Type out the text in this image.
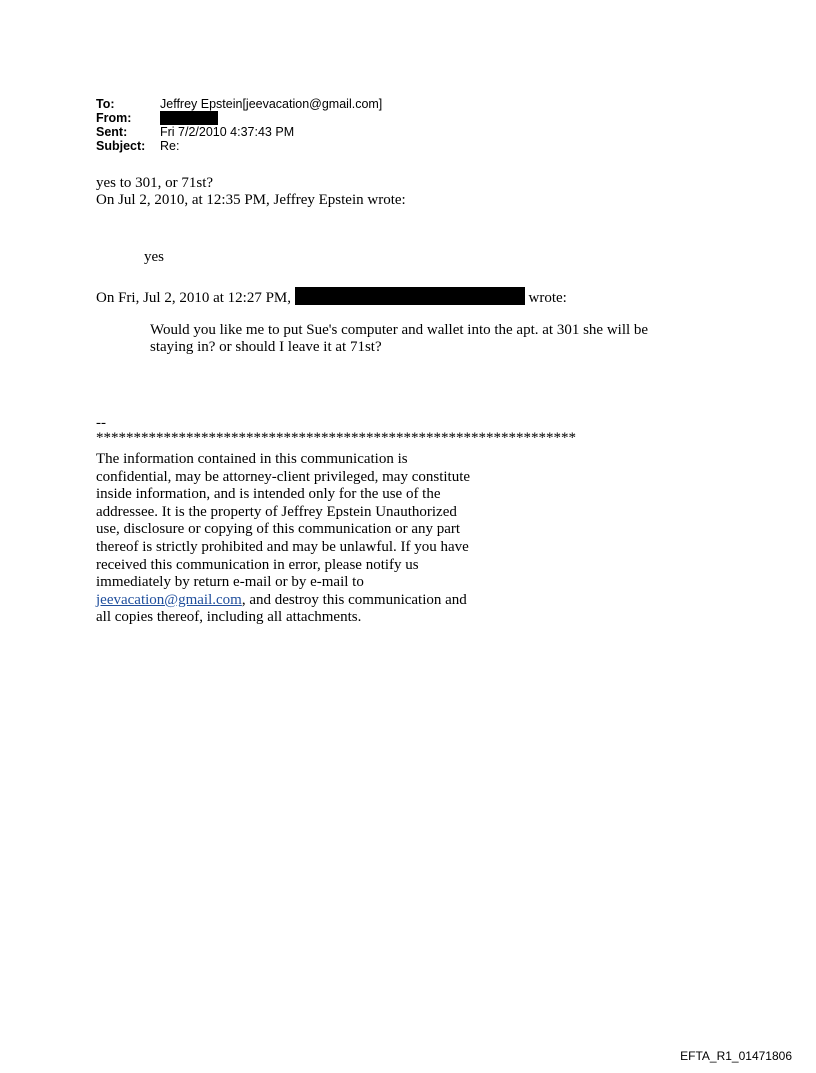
To:	Jeffrey Epstein[jeevacation@gmail.com]
From:
Sent:	Fri 7/2/2010 4:37:43 PM
Subject:	Re:
yes to 301, or 71st?
On Jul 2, 2010, at 12:35 PM, Jeffrey Epstein wrote:
yes
On Fri, Jul 2, 2010 at 12:27 PM,	wrote:
Would you like me to put Sue's computer and wallet into the apt. at 301 she will be staying in? or should I leave it at 71st?
--
****************************************************************
The information contained in this communication is confidential, may be attorney-client privileged, may constitute inside information, and is intended only for the use of the addressee. It is the property of Jeffrey Epstein Unauthorized use, disclosure or copying of this communication or any part thereof is strictly prohibited and may be unlawful. If you have received this communication in error, please notify us immediately by return e-mail or by e-mail to jeevacation@gmail.com, and destroy this communication and all copies thereof, including all attachments.
EFTA_R1_01471806
